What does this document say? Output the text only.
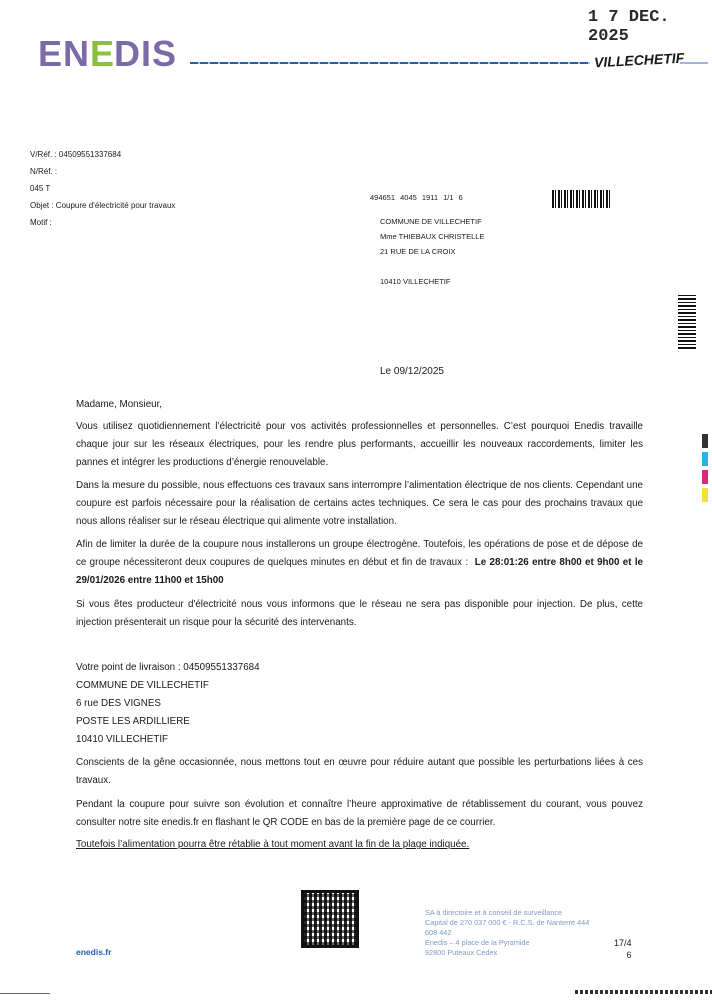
EN E
DIS
1 7 DEC. 2025
VILLECHETIF
V/Réf. : 04509551337684
N/Réf. :
045 T
Objet : Coupure d’électricité pour travaux
Motif :
494651 4045 1911 1/1 6
COMMUNE DE VILLECHETIF
Mme THIEBAUX CHRISTELLE
21 RUE DE LA CROIX
10410 VILLECHETIF
Le 09/12/2025
Madame, Monsieur,
Vous utilisez quotidiennement l’électricité pour vos activités professionnelles et personnelles. C’est pourquoi Enedis travaille chaque jour sur les réseaux électriques, pour les rendre plus performants, accueillir les nouveaux raccordements, limiter les pannes et intégrer les productions d’énergie renouvelable.
Dans la mesure du possible, nous effectuons ces travaux sans interrompre l’alimentation électrique de nos clients. Cependant une coupure est parfois nécessaire pour la réalisation de certains actes techniques. Ce sera le cas pour des prochains travaux que nous allons réaliser sur le réseau électrique qui alimente votre installation.
Afin de limiter la durée de la coupure nous installerons un groupe électrogène. Toutefois, les opérations de pose et de dépose de ce groupe nécessiteront deux coupures de quelques minutes en début et fin de travaux : Le 28:01:26 entre 8h00 et 9h00 et le 29/01/2026 entre 11h00 et 15h00
Si vous êtes producteur d'électricité nous vous informons que le réseau ne sera pas disponible pour injection. De plus, cette injection présenterait un risque pour la sécurité des intervenants.
Votre point de livraison : 04509551337684
COMMUNE DE VILLECHETIF
6 rue DES VIGNES
POSTE LES ARDILLIERE
10410 VILLECHETIF
Conscients de la gêne occasionnée, nous mettons tout en œuvre pour réduire autant que possible les perturbations liées à ces travaux.
Pendant la coupure pour suivre son évolution et connaître l’heure approximative de rétablissement du courant, vous pouvez consulter notre site enedis.fr en flashant le QR CODE en bas de la première page de ce courrier.
Toutefois l’alimentation pourra être rétablie à tout moment avant la fin de la plage indiquée.
enedis.fr
SA à directoire et à conseil de surveillance
Capital de 270 037 000 € - R.C.S. de Nanterre 444
608 442
Enedis – 4 place de la Pyramide
92800 Puteaux Cedex
17/4
6
